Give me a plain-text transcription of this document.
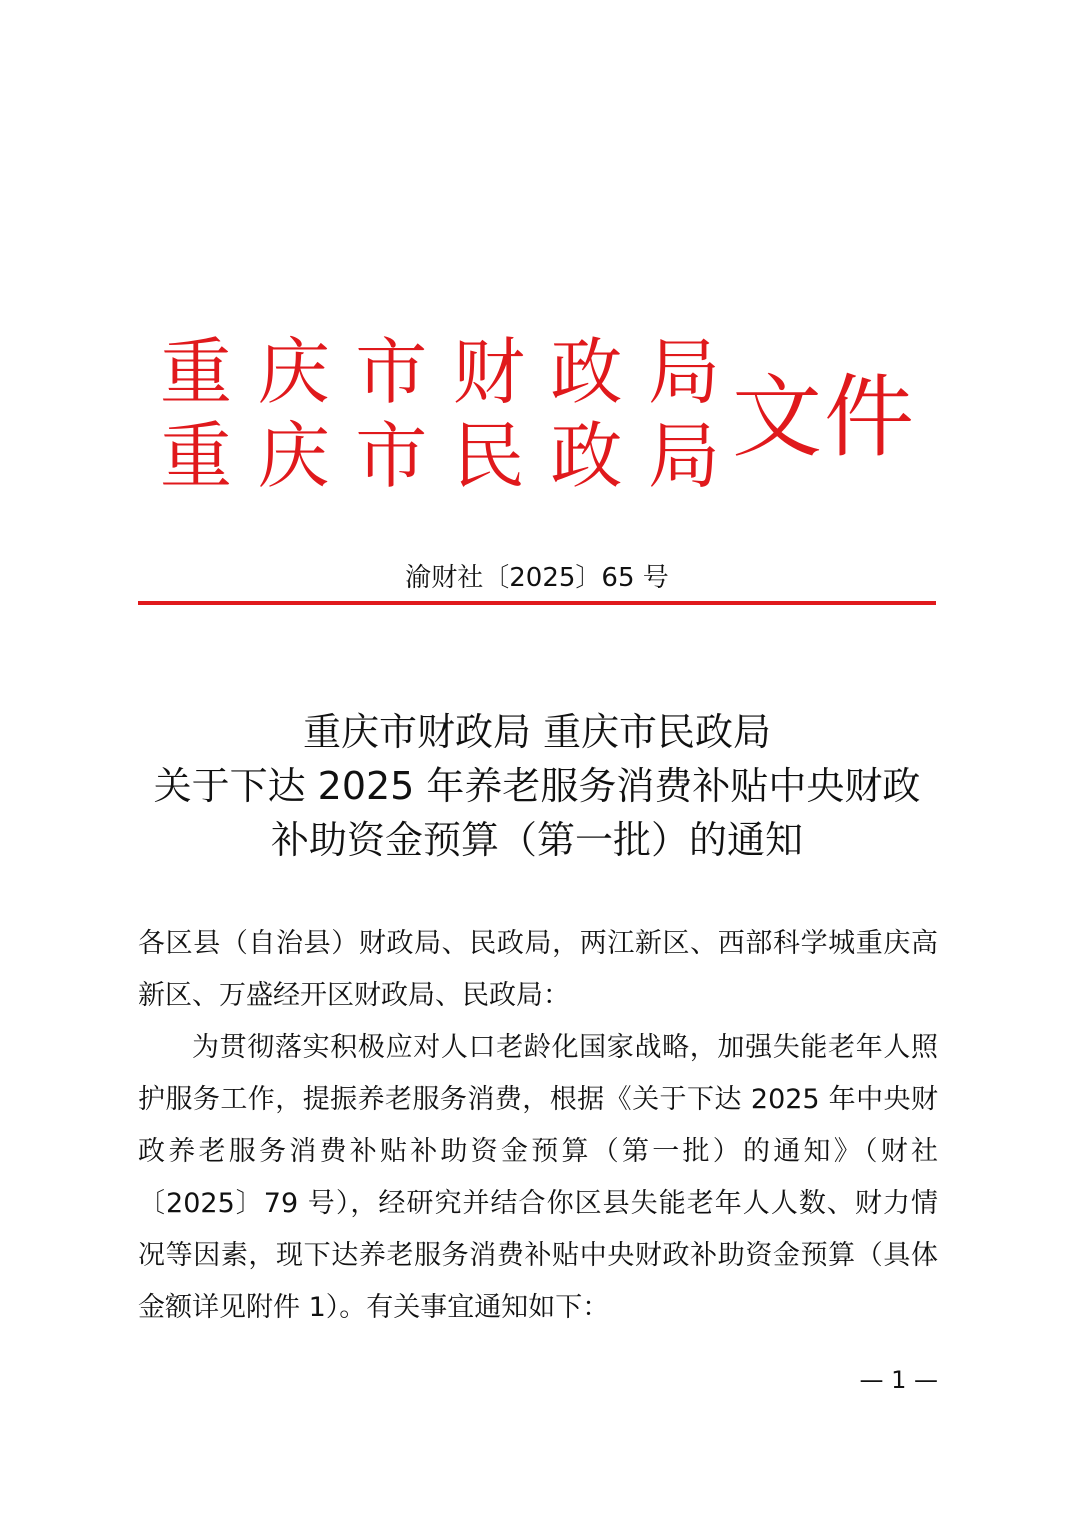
重 庆 市 财 政 局
重 庆 市 民 政 局 文件
渝财社〔2025〕65 号
重庆市财政局 重庆市民政局
关于下达 2025 年养老服务消费补贴中央财政
补助资金预算（第一批）的通知

各区县（自治县）财政局、民政局，两江新区、西部科学城重庆高新区、万盛经开区财政局、民政局：

为贯彻落实积极应对人口老龄化国家战略，加强失能老年人照护服务工作，提振养老服务消费，根据《关于下达 2025 年中央财政养老服务消费补贴补助资金预算（第一批）的通知》（财社〔2025〕79 号），经研究并结合你区县失能老年人人数、财力情况等因素，现下达养老服务消费补贴中央财政补助资金预算（具体金额详见附件 1）。有关事宜通知如下：

— 1 —
